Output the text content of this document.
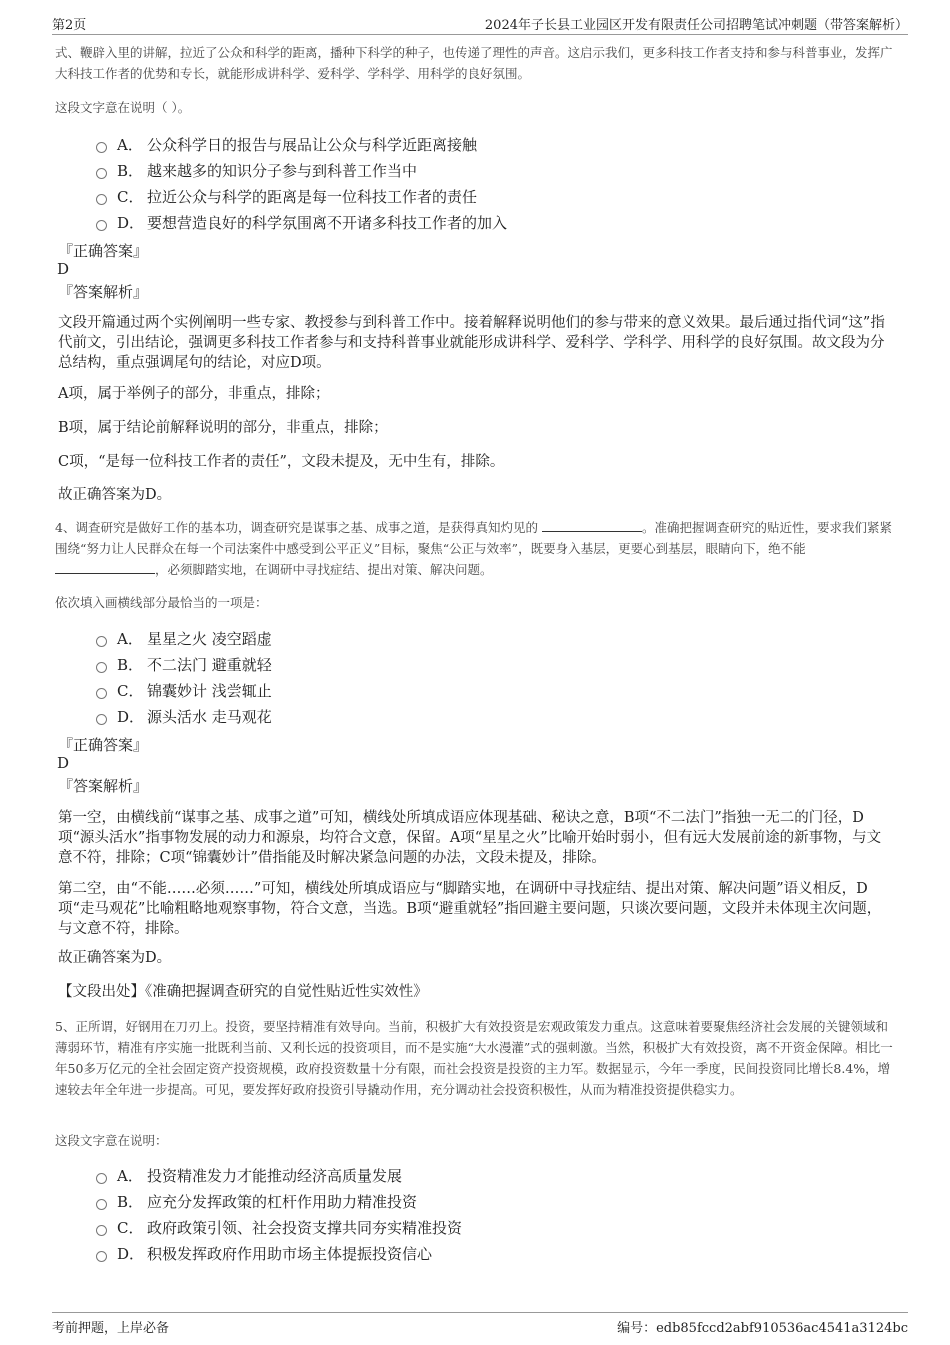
第2页	2024年子长县工业园区开发有限责任公司招聘笔试冲刺题（带答案解析）
式、鞭辟入里的讲解，拉近了公众和科学的距离，播种下科学的种子，也传递了理性的声音。这启示我们，更多科技工作者支持和参与科普事业，发挥广大科技工作者的优势和专长，就能形成讲科学、爱科学、学科学、用科学的良好氛围。
这段文字意在说明（ ）。
A． 公众科学日的报告与展品让公众与科学近距离接触
B． 越来越多的知识分子参与到科普工作当中
C． 拉近公众与科学的距离是每一位科技工作者的责任
D． 要想营造良好的科学氛围离不开诸多科技工作者的加入
『正确答案』
D
『答案解析』
文段开篇通过两个实例阐明一些专家、教授参与到科普工作中。接着解释说明他们的参与带来的意义效果。最后通过指代词“这”指代前文，引出结论，强调更多科技工作者参与和支持科普事业就能形成讲科学、爱科学、学科学、用科学的良好氛围。故文段为分总结构，重点强调尾句的结论，对应D项。
A项，属于举例子的部分，非重点，排除；
B项，属于结论前解释说明的部分，非重点，排除；
C项，“是每一位科技工作者的责任”，文段未提及，无中生有，排除。
故正确答案为D。
4、调查研究是做好工作的基本功，调查研究是谋事之基、成事之道，是获得真知灼见的	。准确把握调查研究的贴近性，要求我们紧紧围绕“努力让人民群众在每一个司法案件中感受到公平正义”目标，聚焦“公正与效率”，既要身入基层，更要心到基层，眼睛向下，绝不能 ，必须脚踏实地，在调研中寻找症结、提出对策、解决问题。
依次填入画横线部分最恰当的一项是：
A． 星星之火 凌空蹈虚
B． 不二法门 避重就轻
C． 锦囊妙计 浅尝辄止
D． 源头活水 走马观花
『正确答案』
D
『答案解析』
第一空，由横线前“谋事之基、成事之道”可知，横线处所填成语应体现基础、秘诀之意，B项“不二法门”指独一无二的门径，D项“源头活水”指事物发展的动力和源泉，均符合文意，保留。A项“星星之火”比喻开始时弱小，但有远大发展前途的新事物，与文意不符，排除；C项“锦囊妙计”借指能及时解决紧急问题的办法，文段未提及，排除。
第二空，由“不能……必须……”可知，横线处所填成语应与“脚踏实地，在调研中寻找症结、提出对策、解决问题”语义相反，D项“走马观花”比喻粗略地观察事物，符合文意，当选。B项“避重就轻”指回避主要问题，只谈次要问题，文段并未体现主次问题，与文意不符，排除。
故正确答案为D。
【文段出处】《准确把握调查研究的自觉性贴近性实效性》
5、正所谓，好钢用在刀刃上。投资，要坚持精准有效导向。当前，积极扩大有效投资是宏观政策发力重点。这意味着要聚焦经济社会发展的关键领域和薄弱环节，精准有序实施一批既利当前、又利长远的投资项目，而不是实施“大水漫灌”式的强刺激。当然，积极扩大有效投资，离不开资金保障。相比一年50多万亿元的全社会固定资产投资规模，政府投资数量十分有限，而社会投资是投资的主力军。数据显示，今年一季度，民间投资同比增长8.4%，增速较去年全年进一步提高。可见，要发挥好政府投资引导撬动作用，充分调动社会投资积极性，从而为精准投资提供稳实力。
这段文字意在说明：
A． 投资精准发力才能推动经济高质量发展
B． 应充分发挥政策的杠杆作用助力精准投资
C． 政府政策引领、社会投资支撑共同夯实精准投资
D． 积极发挥政府作用助市场主体提振投资信心
考前押题，上岸必备	编号：edb85fccd2abf910536ac4541a3124bc
